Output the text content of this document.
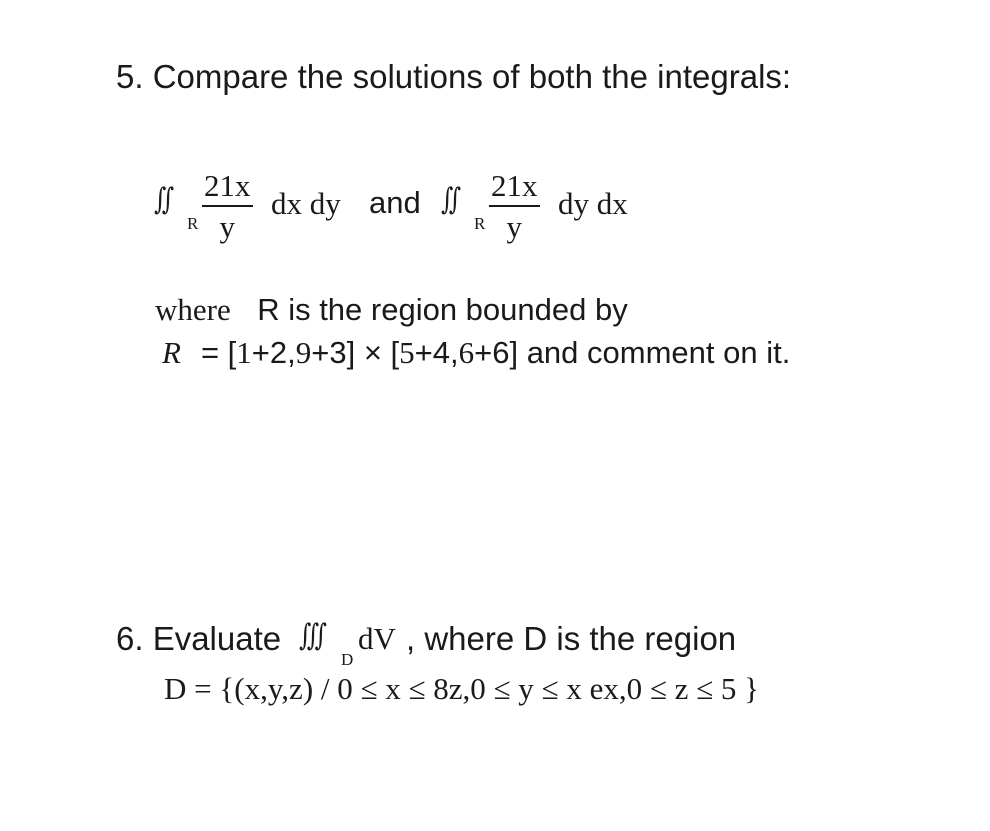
5. Compare the solutions of both the integrals:
∬
R
21x
y
dx dy and ∬
R
21x
y
dy dx
where R is the region bounded by
R = [1+2,9+3] × [5+4,6+6] and comment on it.
6. Evaluate ∭
D
dV , where D is the region
D = {(x,y,z) / 0 ≤ x ≤ 8z,0 ≤ y ≤ x ex,0 ≤ z ≤ 5 }
